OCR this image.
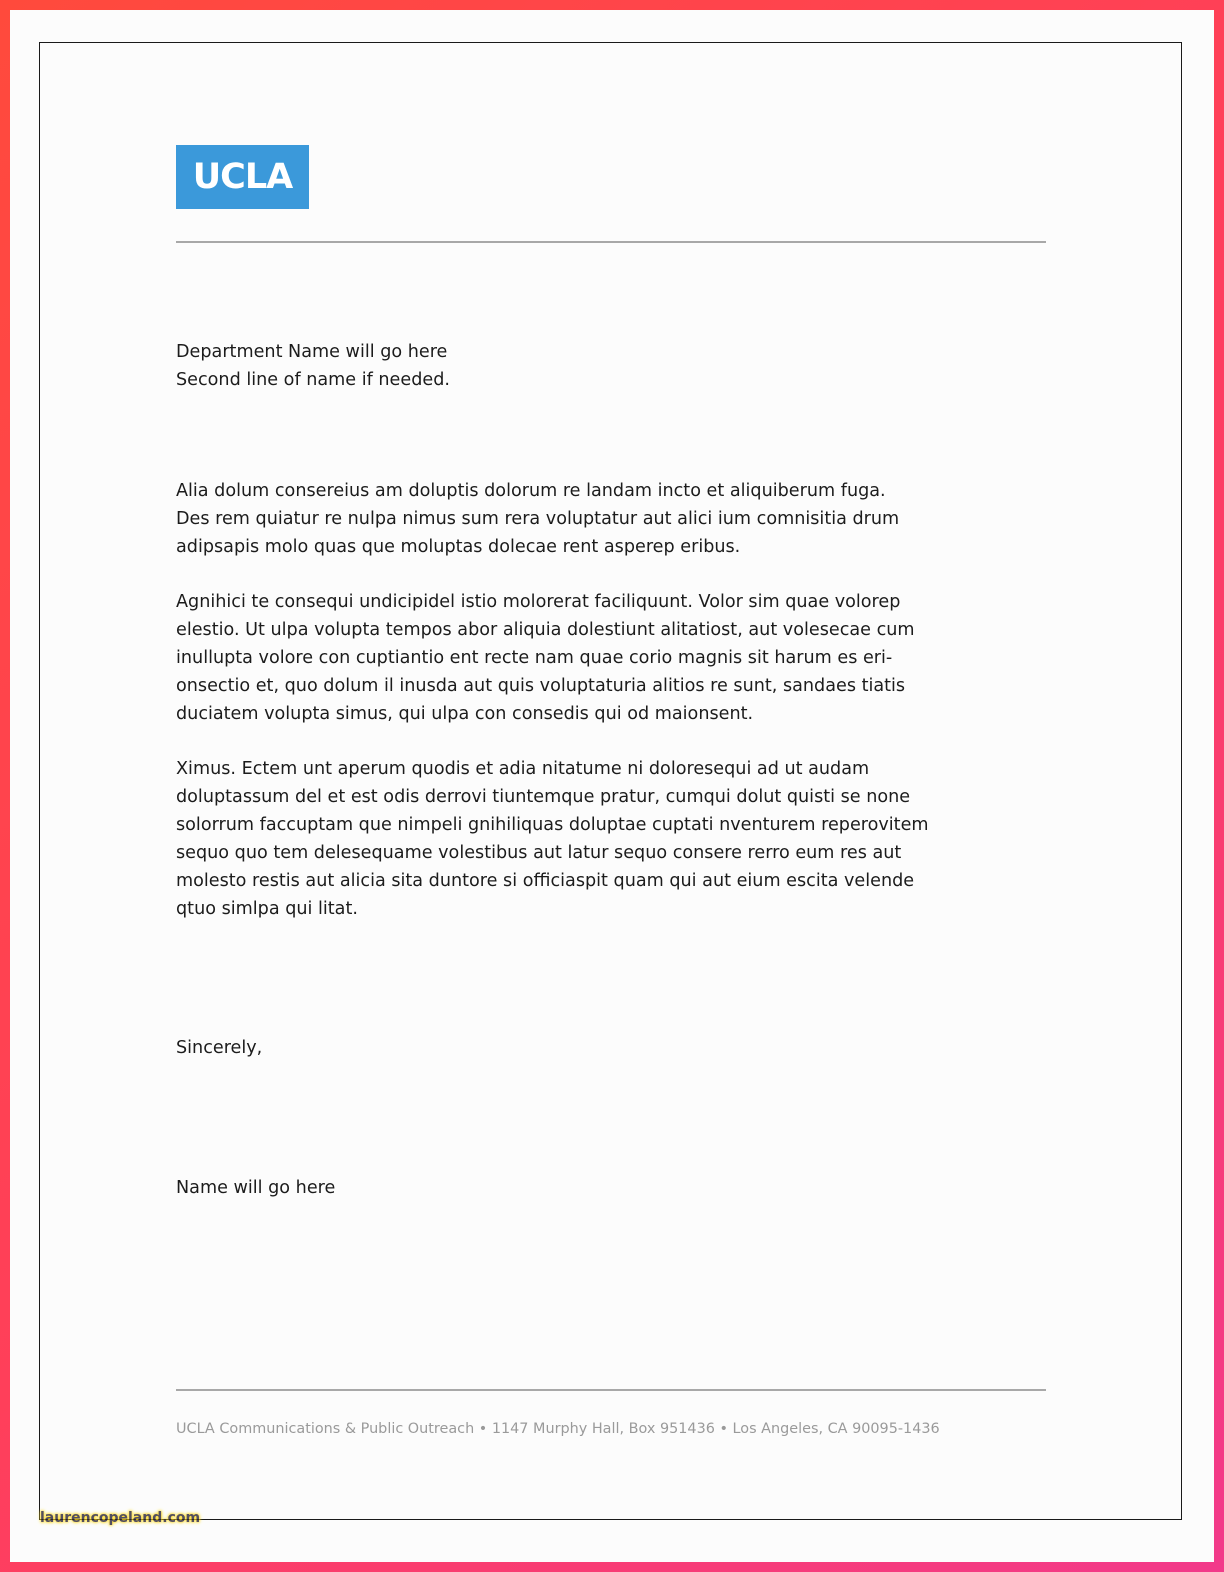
UCLA
Department Name will go here
Second line of name if needed.
Alia dolum consereius am doluptis dolorum re landam incto et aliquiberum fuga.
Des rem quiatur re nulpa nimus sum rera voluptatur aut alici ium comnisitia drum
adipsapis molo quas que moluptas dolecae rent asperep eribus.
Agnihici te consequi undicipidel istio molorerat faciliquunt. Volor sim quae volorep
elestio. Ut ulpa volupta tempos abor aliquia dolestiunt alitatiost, aut volesecae cum
inullupta volore con cuptiantio ent recte nam quae corio magnis sit harum es eri-
onsectio et, quo dolum il inusda aut quis voluptaturia alitios re sunt, sandaes tiatis
duciatem volupta simus, qui ulpa con consedis qui od maionsent.
Ximus. Ectem unt aperum quodis et adia nitatume ni doloresequi ad ut audam
doluptassum del et est odis derrovi tiuntemque pratur, cumqui dolut quisti se none
solorrum faccuptam que nimpeli gnihiliquas doluptae cuptati nventurem reperovitem
sequo quo tem delesequame volestibus aut latur sequo consere rerro eum res aut
molesto restis aut alicia sita duntore si officiaspit quam qui aut eium escita velende
qtuo simlpa qui litat.
Sincerely,
Name will go here
UCLA Communications & Public Outreach • 1147 Murphy Hall, Box 951436 • Los Angeles, CA 90095-1436
laurencopeland.com
